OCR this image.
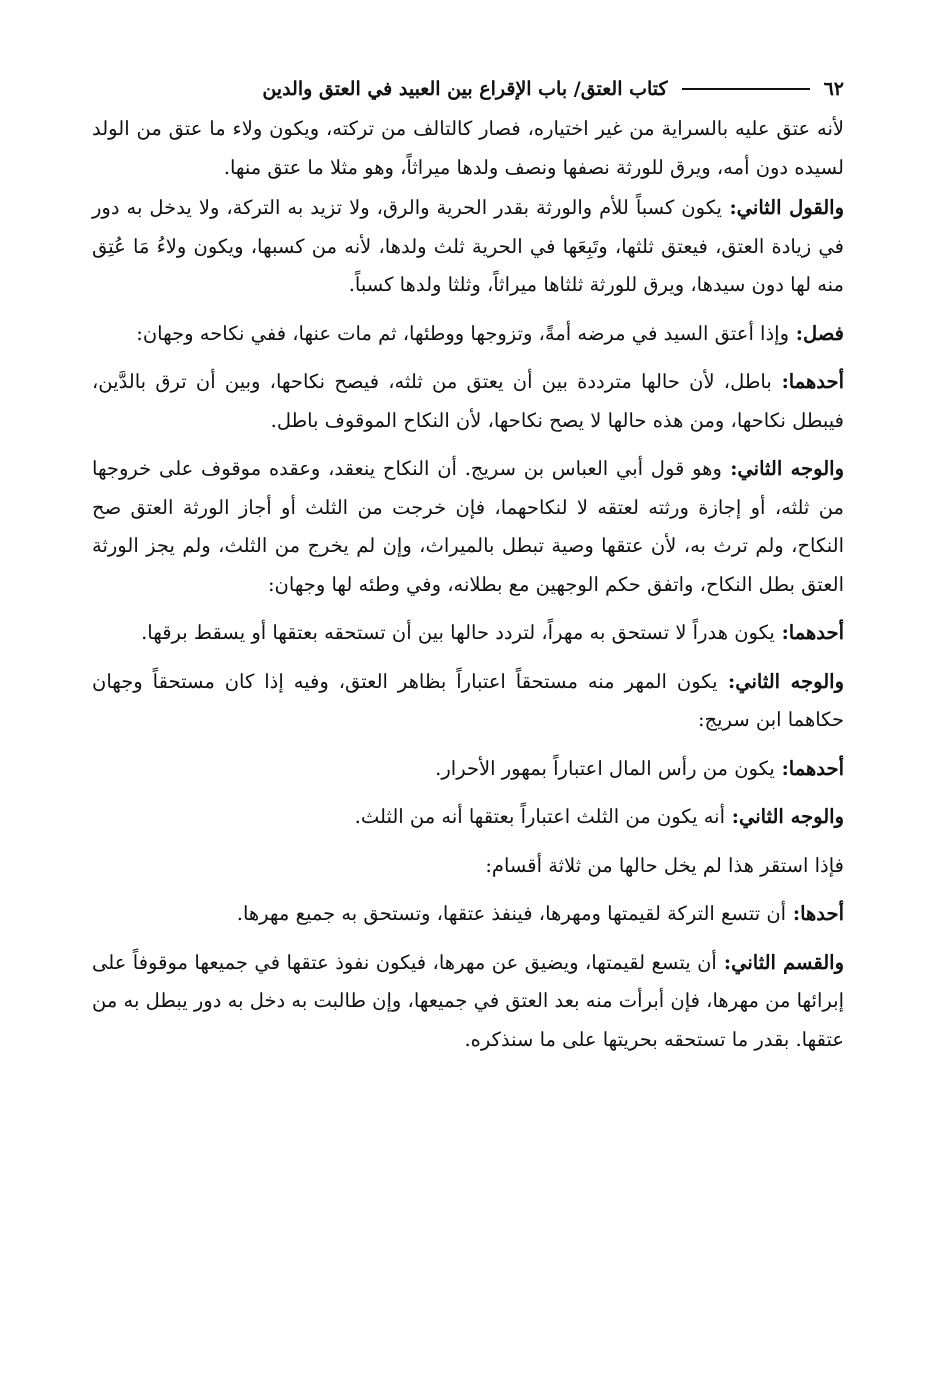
٦٢
كتاب العتق/ باب الإقراع بين العبيد في العتق والدين

لأنه عتق عليه بالسراية من غير اختياره، فصار كالتالف من تركته، ويكون ولاء ما عتق من الولد لسيده دون أمه، ويرق للورثة نصفها ونصف ولدها ميراثاً، وهو مثلا ما عتق منها.

والقول الثاني: يكون كسباً للأم والورثة بقدر الحرية والرق، ولا تزيد به التركة، ولا يدخل به دور في زيادة العتق، فيعتق ثلثها، وتَبِعَها في الحرية ثلث ولدها، لأنه من كسبها، ويكون ولاءُ مَا عُتِق منه لها دون سيدها، ويرق للورثة ثلثاها ميراثاً، وثلثا ولدها كسباً.

فصل: وإذا أعتق السيد في مرضه أمةً، وتزوجها ووطئها، ثم مات عنها، ففي نكاحه وجهان:

أحدهما: باطل، لأن حالها مترددة بين أن يعتق من ثلثه، فيصح نكاحها، وبين أن ترق بالدَّين، فيبطل نكاحها، ومن هذه حالها لا يصح نكاحها، لأن النكاح الموقوف باطل.

والوجه الثاني: وهو قول أبي العباس بن سريج. أن النكاح ينعقد، وعقده موقوف على خروجها من ثلثه، أو إجازة ورثته لعتقه لا لنكاحهما، فإن خرجت من الثلث أو أجاز الورثة العتق صح النكاح، ولم ترث به، لأن عتقها وصية تبطل بالميراث، وإن لم يخرج من الثلث، ولم يجز الورثة العتق بطل النكاح، واتفق حكم الوجهين مع بطلانه، وفي وطئه لها وجهان:

أحدهما: يكون هدراً لا تستحق به مهراً، لتردد حالها بين أن تستحقه بعتقها أو يسقط برقها.

والوجه الثاني: يكون المهر منه مستحقاً اعتباراً بظاهر العتق، وفيه إذا كان مستحقاً وجهان حكاهما ابن سريج:

أحدهما: يكون من رأس المال اعتباراً بمهور الأحرار.

والوجه الثاني: أنه يكون من الثلث اعتباراً بعتقها أنه من الثلث.

فإذا استقر هذا لم يخل حالها من ثلاثة أقسام:

أحدها: أن تتسع التركة لقيمتها ومهرها، فينفذ عتقها، وتستحق به جميع مهرها.

والقسم الثاني: أن يتسع لقيمتها، ويضيق عن مهرها، فيكون نفوذ عتقها في جميعها موقوفاً على إبرائها من مهرها، فإن أبرأت منه بعد العتق في جميعها، وإن طالبت به دخل به دور يبطل به من عتقها. بقدر ما تستحقه بحريتها على ما سنذكره.
